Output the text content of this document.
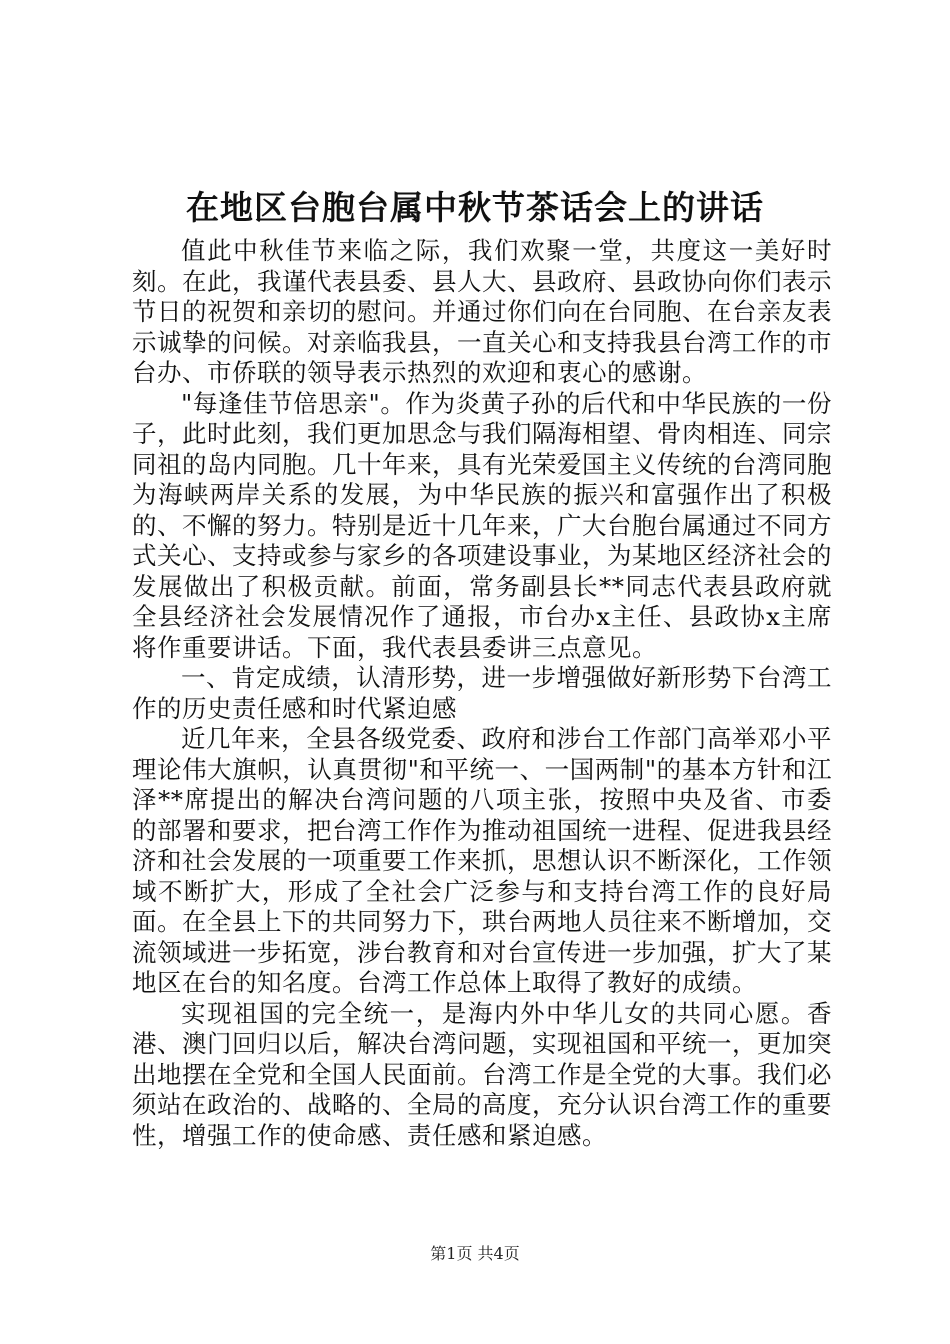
在地区台胞台属中秋节茶话会上的讲话

值此中秋佳节来临之际，我们欢聚一堂，共度这一美好时刻。在此，我谨代表县委、县人大、县政府、县政协向你们表示节日的祝贺和亲切的慰问。并通过你们向在台同胞、在台亲友表示诚挚的问候。对亲临我县，一直关心和支持我县台湾工作的市台办、市侨联的领导表示热烈的欢迎和衷心的感谢。

"每逢佳节倍思亲"。作为炎黄子孙的后代和中华民族的一份子，此时此刻，我们更加思念与我们隔海相望、骨肉相连、同宗同祖的岛内同胞。几十年来，具有光荣爱国主义传统的台湾同胞为海峡两岸关系的发展，为中华民族的振兴和富强作出了积极的、不懈的努力。特别是近十几年来，广大台胞台属通过不同方式关心、支持或参与家乡的各项建设事业，为某地区经济社会的发展做出了积极贡献。前面，常务副县长**同志代表县政府就全县经济社会发展情况作了通报，市台办x主任、县政协x主席将作重要讲话。下面，我代表县委讲三点意见。

一、肯定成绩，认清形势，进一步增强做好新形势下台湾工作的历史责任感和时代紧迫感

近几年来，全县各级党委、政府和涉台工作部门高举邓小平理论伟大旗帜，认真贯彻"和平统一、一国两制"的基本方针和江泽**席提出的解决台湾问题的八项主张，按照中央及省、市委的部署和要求，把台湾工作作为推动祖国统一进程、促进我县经济和社会发展的一项重要工作来抓，思想认识不断深化，工作领域不断扩大，形成了全社会广泛参与和支持台湾工作的良好局面。在全县上下的共同努力下，珙台两地人员往来不断增加，交流领域进一步拓宽，涉台教育和对台宣传进一步加强，扩大了某地区在台的知名度。台湾工作总体上取得了教好的成绩。

实现祖国的完全统一，是海内外中华儿女的共同心愿。香港、澳门回归以后，解决台湾问题，实现祖国和平统一，更加突出地摆在全党和全国人民面前。台湾工作是全党的大事。我们必须站在政治的、战略的、全局的高度，充分认识台湾工作的重要性，增强工作的使命感、责任感和紧迫感。

第1页 共4页
